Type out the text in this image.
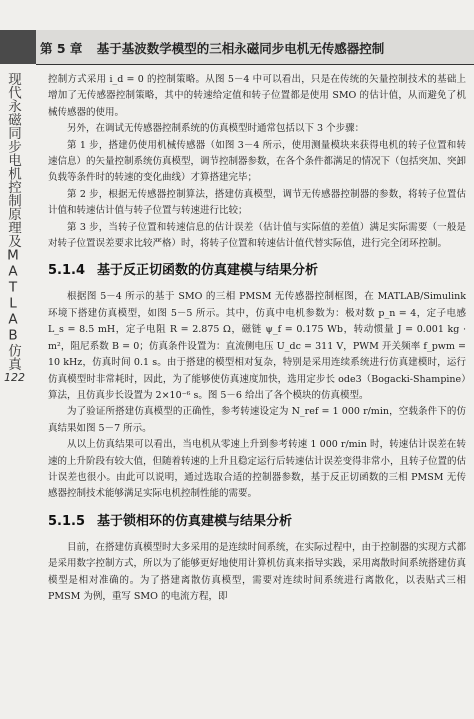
第 5 章 基于基波数学模型的三相永磁同步电机无传感器控制
现代永磁同步电机控制原理及MATLAB仿真
122

控制方式采用 i_d = 0 的控制策略。从图 5－4 中可以看出，只是在传统的矢量控制技术的基础上增加了无传感器控制策略，其中的转速给定值和转子位置都是使用 SMO 的估计值，从而避免了机械传感器的使用。

另外，在调试无传感器控制系统的仿真模型时通常包括以下 3 个步骤：

第 1 步，搭建仍使用机械传感器（如图 3－4 所示，使用测量模块来获得电机的转子位置和转速信息）的矢量控制系统仿真模型，调节控制器参数，在各个条件都满足的情况下（包括突加、突卸负载等条件时的转速的变化曲线）才算搭建完毕；

第 2 步，根据无传感器控制算法，搭建仿真模型，调节无传感器控制器的参数，将转子位置估计值和转速估计值与转子位置与转速进行比较；

第 3 步，当转子位置和转速信息的估计误差（估计值与实际值的差值）满足实际需要（一般是对转子位置误差要求比较严格）时，将转子位置和转速估计值代替实际值，进行完全闭环控制。

5.1.4 基于反正切函数的仿真建模与结果分析

根据图 5－4 所示的基于 SMO 的三相 PMSM 无传感器控制框图，在 MATLAB/Simulink 环境下搭建仿真模型，如图 5－5 所示。其中，仿真中电机参数为：极对数 p_n = 4，定子电感 L_s = 8.5 mH，定子电阻 R = 2.875 Ω，磁链 ψ_f = 0.175 Wb，转动惯量 J = 0.001 kg · m²，阻尼系数 B = 0；仿真条件设置为：直流侧电压 U_dc = 311 V，PWM 开关频率 f_pwm = 10 kHz，仿真时间 0.1 s。由于搭建的模型相对复杂，特别是采用连续系统进行仿真建模时，运行仿真模型时非常耗时，因此，为了能够使仿真速度加快，选用定步长 ode3（Bogacki-Shampine）算法，且仿真步长设置为 2×10⁻⁶ s。图 5－6 给出了各个模块的仿真模型。

为了验证所搭建仿真模型的正确性，参考转速设定为 N_ref = 1 000 r/min，空载条件下的仿真结果如图 5－7 所示。

从以上仿真结果可以看出，当电机从零速上升到参考转速 1 000 r/min 时，转速估计误差在转速的上升阶段有较大值，但随着转速的上升且稳定运行后转速估计误差变得非常小，且转子位置的估计误差也很小。由此可以说明，通过选取合适的控制器参数，基于反正切函数的三相 PMSM 无传感器控制技术能够满足实际电机控制性能的需要。

5.1.5 基于锁相环的仿真建模与结果分析

目前，在搭建仿真模型时大多采用的是连续时间系统，在实际过程中，由于控制器的实现方式都是采用数字控制方式，所以为了能够更好地使用计算机仿真来指导实践，采用离散时间系统搭建仿真模型是相对准确的。为了搭建离散仿真模型，需要对连续时间系统进行离散化，以表贴式三相 PMSM 为例，重写 SMO 的电流方程，即
